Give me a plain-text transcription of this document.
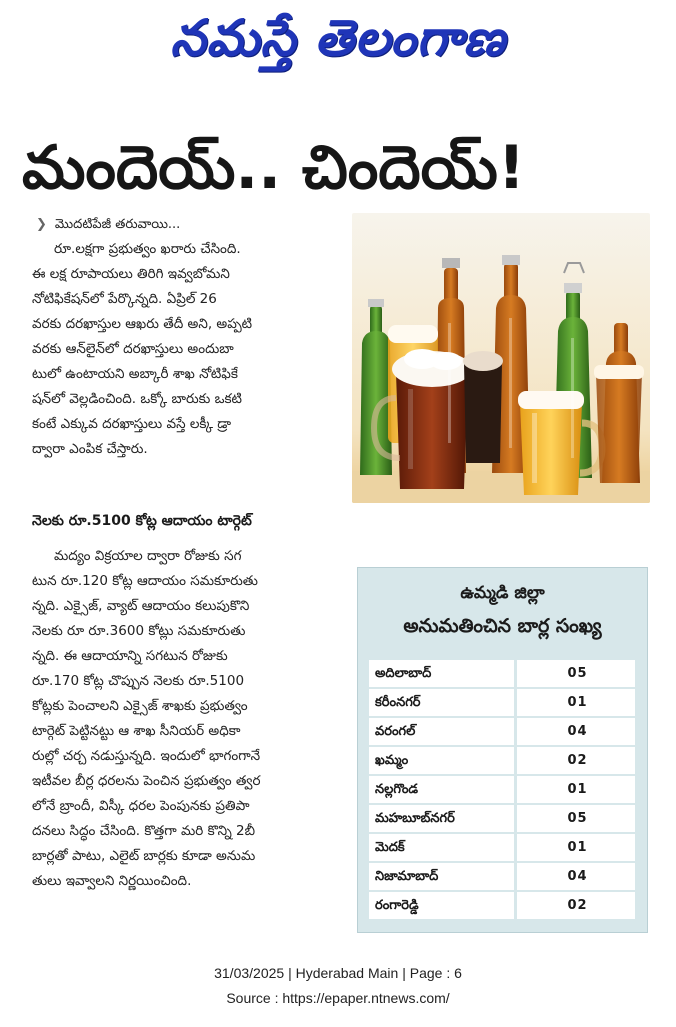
నమస్తే తెలంగాణ
మందెయ్.. చిందెయ్!
❯ మొదటిపేజీ తరువాయి...

రూ.లక్షగా ప్రభుత్వం ఖరారు చేసింది.

ఈ లక్ష రూపాయలు తిరిగి ఇవ్వబోమని

నోటిఫికేషన్‌లో పేర్కొన్నది. ఏప్రిల్ 26

వరకు దరఖాస్తుల ఆఖరు తేదీ అని, అప్పటి

వరకు ఆన్‌లైన్‌లో దరఖాస్తులు అందుబా

టులో ఉంటాయని అబ్కారీ శాఖ నోటిఫికే

షన్‌లో వెల్లడించింది. ఒక్కో బారుకు ఒకటి

కంటే ఎక్కువ దరఖాస్తులు వస్తే లక్కీ డ్రా

ద్వారా ఎంపిక చేస్తారు.

నెలకు రూ.5100 కోట్ల ఆదాయం టార్గెట్

మద్యం విక్రయాల ద్వారా రోజుకు సగ

టున రూ.120 కోట్ల ఆదాయం సమకూరుతు

న్నది. ఎక్సైజ్, వ్యాట్ ఆదాయం కలుపుకొని

నెలకు రూ రూ.3600 కోట్లు సమకూరుతు

న్నది. ఈ ఆదాయాన్ని సగటున రోజుకు

రూ.170 కోట్ల చొప్పున నెలకు రూ.5100

కోట్లకు పెంచాలని ఎక్సైజ్ శాఖకు ప్రభుత్వం

టార్గెట్ పెట్టినట్టు ఆ శాఖ సీనియర్ అధికా

రుల్లో చర్చ నడుస్తున్నది. ఇందులో భాగంగానే

ఇటీవల బీర్ల ధరలను పెంచిన ప్రభుత్వం త్వర

లోనే బ్రాందీ, విస్కీ ధరల పెంపునకు ప్రతిపా

దనలు సిద్ధం చేసింది. కొత్తగా మరి కొన్ని 2బీ

బార్లతో పాటు, ఎలైట్ బార్లకు కూడా అనుమ

తులు ఇవ్వాలని నిర్ణయించింది.

ఉమ్మడి జిల్లా
అనుమతించిన బార్ల సంఖ్య
అదిలాబాద్	05
కరీంనగర్	01
వరంగల్	04
ఖమ్మం	02
నల్లగొండ	01
మహబూబ్‌నగర్	05
మెదక్	01
నిజామాబాద్	04
రంగారెడ్డి	02
31/03/2025 | Hyderabad Main | Page : 6
Source : https://epaper.ntnews.com/
